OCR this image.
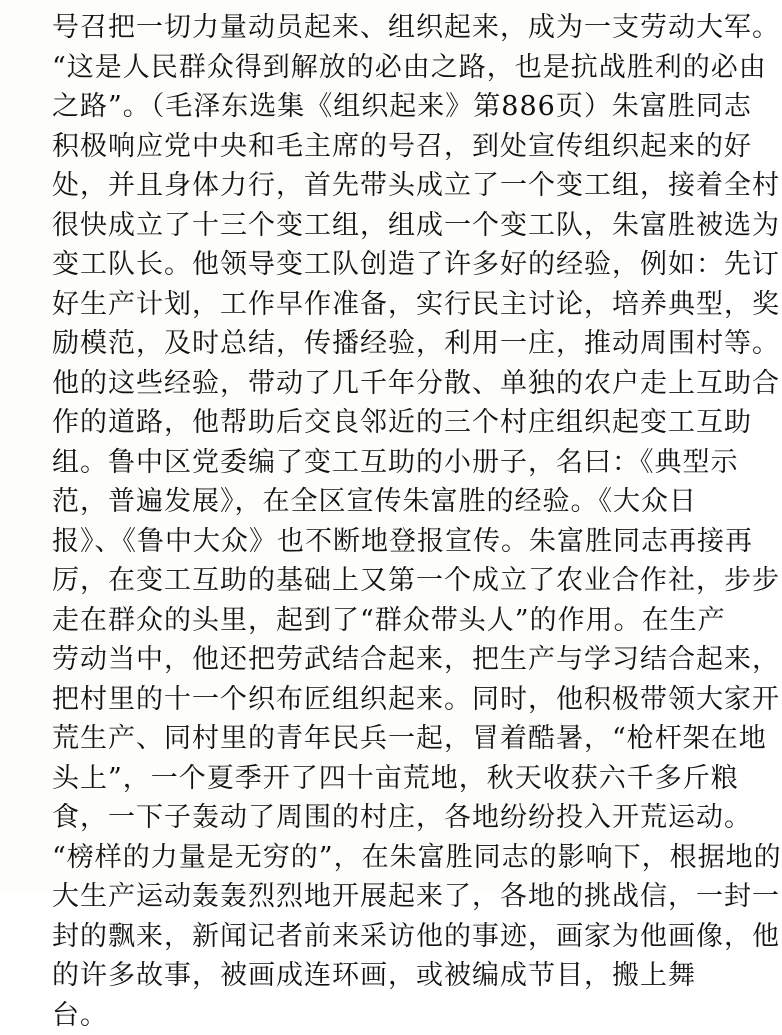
号召把一切力量动员起来、组织起来，成为一支劳动大军。
“这是人民群众得到解放的必由之路，也是抗战胜利的必由
之路”。（毛泽东选集《组织起来》第886页）朱富胜同志
积极响应党中央和毛主席的号召，到处宣传组织起来的好
处，并且身体力行，首先带头成立了一个变工组，接着全村
很快成立了十三个变工组，组成一个变工队，朱富胜被选为
变工队长。他领导变工队创造了许多好的经验，例如：先订
好生产计划，工作早作准备，实行民主讨论，培养典型，奖
励模范，及时总结，传播经验，利用一庄，推动周围村等。
他的这些经验，带动了几千年分散、单独的农户走上互助合
作的道路，他帮助后交良邻近的三个村庄组织起变工互助
组。鲁中区党委编了变工互助的小册子，名曰：《典型示
范，普遍发展》，在全区宣传朱富胜的经验。《大众日
报》、《鲁中大众》也不断地登报宣传。朱富胜同志再接再
厉，在变工互助的基础上又第一个成立了农业合作社，步步
走在群众的头里，起到了“群众带头人”的作用。在生产
劳动当中，他还把劳武结合起来，把生产与学习结合起来，
把村里的十一个织布匠组织起来。同时，他积极带领大家开
荒生产、同村里的青年民兵一起，冒着酷暑，“枪杆架在地
头上”，一个夏季开了四十亩荒地，秋天收获六千多斤粮
食，一下子轰动了周围的村庄，各地纷纷投入开荒运动。
“榜样的力量是无穷的”，在朱富胜同志的影响下，根据地的
大生产运动轰轰烈烈地开展起来了，各地的挑战信，一封一
封的飘来，新闻记者前来采访他的事迹，画家为他画像，他
的许多故事，被画成连环画，或被编成节目，搬上舞
台。
